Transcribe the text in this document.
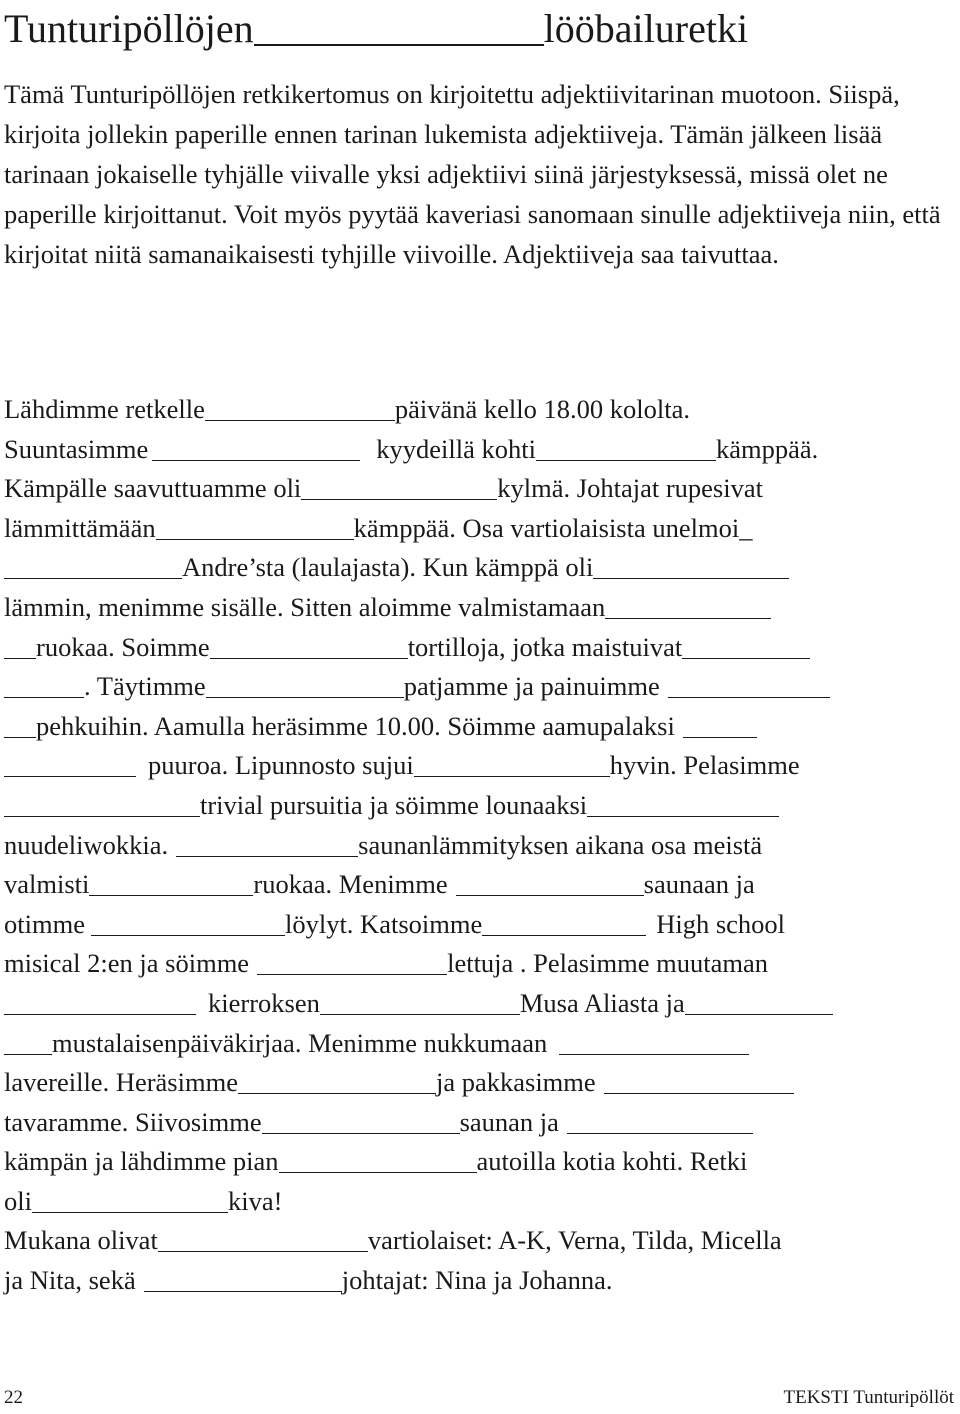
Tunturipöllöjen	lööbailuretki

Tämä Tunturipöllöjen retkikertomus on kirjoitettu adjektiivitarinan muotoon. Siispä, kirjoita jollekin paperille ennen tarinan lukemista adjektiiveja. Tämän jälkeen lisää tarinaan jokaiselle tyhjälle viivalle yksi adjektiivi siinä järjestyksessä, missä olet ne paperille kirjoittanut. Voit myös pyytää kaveriasi sanomaan sinulle adjektiiveja niin, että kirjoitat niitä samanaikaisesti tyhjille viivoille. Adjektiiveja saa taivuttaa.

Lähdimme retkelle	päivänä kello 18.00 kololta.
Suuntasimme	kyydeillä kohti	kämppää.
Kämpälle saavuttuamme oli	kylmä. Johtajat rupesivat
lämmittämään	kämppää. Osa vartiolaisista unelmoi_
Andre’sta (laulajasta). Kun kämppä oli
lämmin, menimme sisälle. Sitten aloimme valmistamaan
ruokaa. Soimme	tortilloja, jotka maistuivat
. Täytimme	patjamme ja painuimme
pehkuihin. Aamulla heräsimme 10.00. Söimme aamupalaksi
puuroa. Lipunnosto sujui	hyvin. Pelasimme
trivial pursuitia ja söimme lounaaksi
nuudeliwokkia.	saunanlämmityksen aikana osa meistä
valmisti	ruokaa. Menimme	saunaan ja
otimme	löylyt. Katsoimme	High school
misical 2:en ja söimme	lettuja . Pelasimme muutaman
kierroksen	Musa Aliasta ja
mustalaisenpäiväkirjaa. Menimme nukkumaan
lavereille. Heräsimme	ja pakkasimme
tavaramme. Siivosimme	saunan ja
kämpän ja lähdimme pian	autoilla kotia kohti. Retki
oli	kiva!
Mukana olivat	vartiolaiset: A-K, Verna, Tilda, Micella
ja Nita, sekä	johtajat: Nina ja Johanna.
22	TEKSTI Tunturipöllöt
